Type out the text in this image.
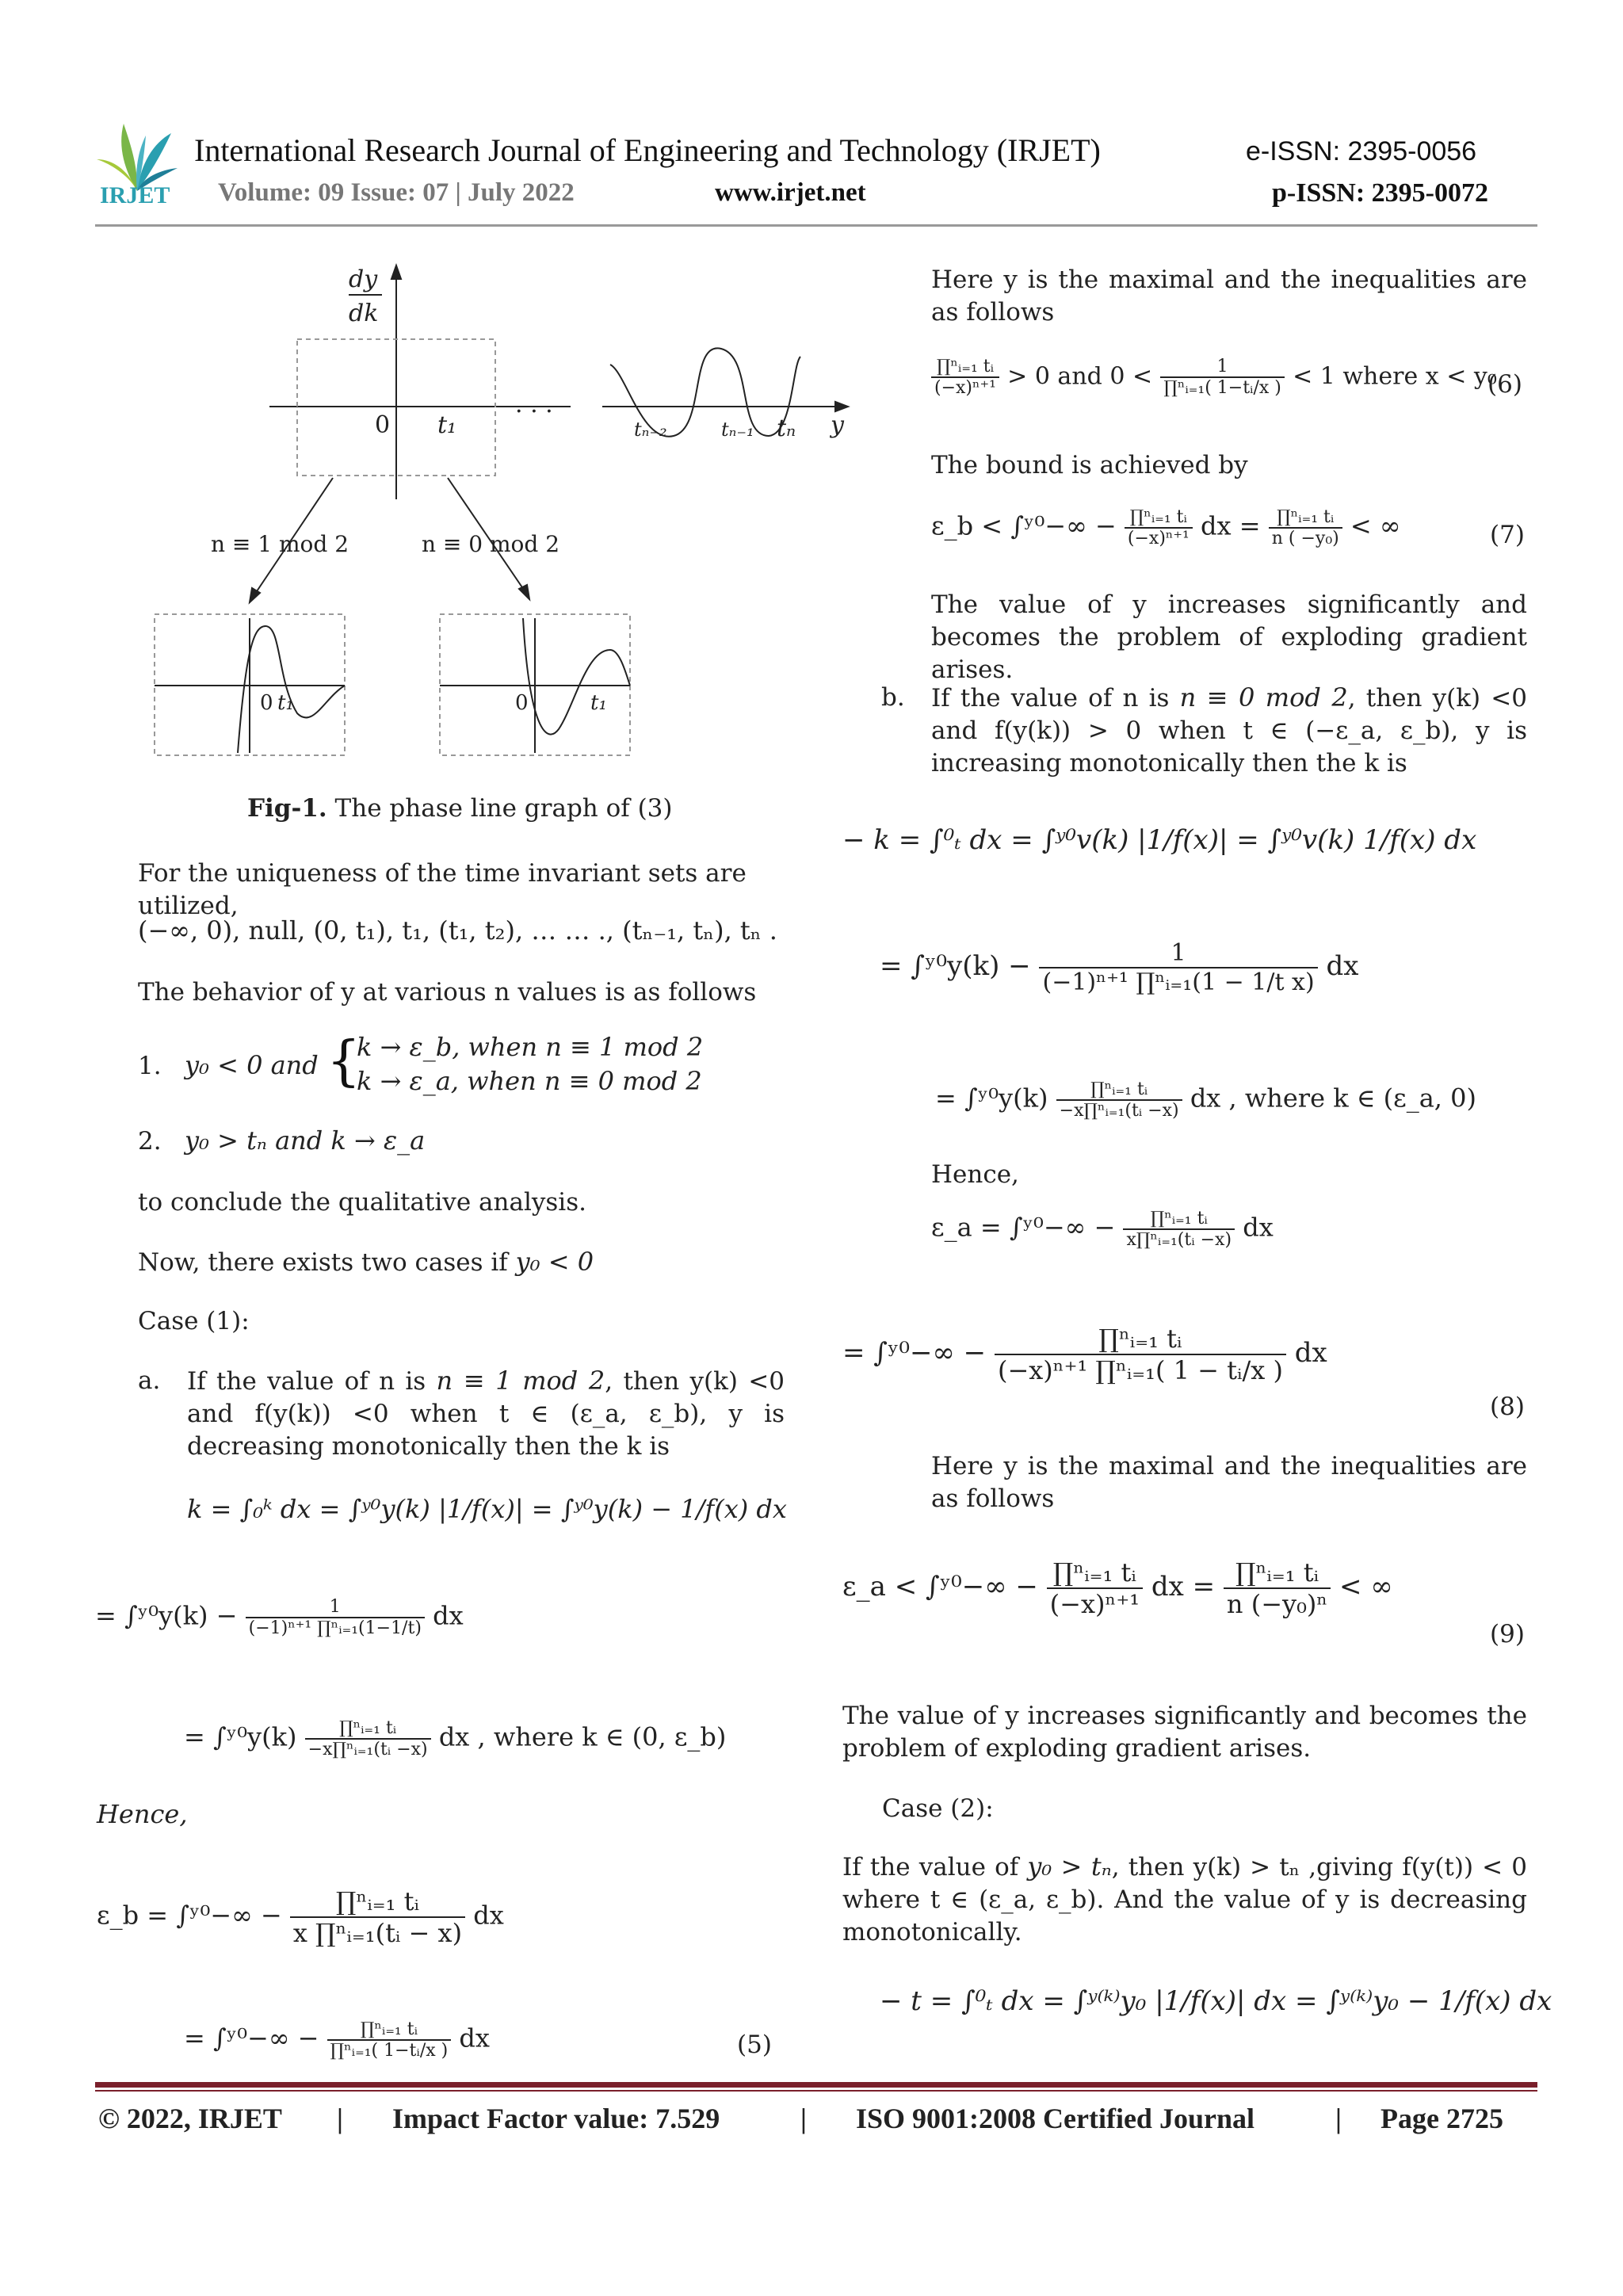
IRJET
International Research Journal of Engineering and Technology (IRJET)	e-ISSN: 2395-0056
Volume: 09 Issue: 07 | July 2022	www.irjet.net	p-ISSN: 2395-0072
dy
dk
0 t₁
. . .
tₙ₋₂	tₙ₋₁ tₙ y
n ≡ 1 mod 2	n ≡ 0 mod 2
0 t₁	0	t₁
Fig-1. The phase line graph of (3)
For the uniqueness of the time invariant sets are utilized,
(−∞, 0), null, (0, t₁), t₁, (t₁, t₂), … … ., (tₙ₋₁, tₙ), tₙ .
The behavior of y at various n values is as follows
1. y₀ < 0 and {
k → ε_b, when n ≡ 1 mod 2
k → ε_a, when n ≡ 0 mod 2
2. y₀ > tₙ and k → ε_a
to conclude the qualitative analysis.
Now, there exists two cases if y₀ < 0
Case (1):
a. If the value of n is n ≡ 1 mod 2, then y(k) <0 and f(y(k)) <0 when t ∈ (ε_a, ε_b), y is decreasing monotonically then the k is
k = ∫₀ᵏ dx = ∫ʸ⁰y(k) |1/f(x)| = ∫ʸ⁰y(k) − 1/f(x) dx
= ∫ʸ⁰y(k) − $\frac{1}{\text{(−1)ⁿ⁺¹ ∏ⁿᵢ₌₁(1−1/t)}}$ dx
= ∫ʸ⁰y(k) $\frac{\text{∏ⁿᵢ₌₁ tᵢ}}{\text{−x∏ⁿᵢ₌₁(tᵢ −x)}}$ dx , where k ∈ (0, ε_b)
Hence,
ε_b = ∫ʸ⁰−∞ − $\frac{\text{∏ⁿᵢ₌₁ tᵢ}}{\text{x ∏ⁿᵢ₌₁(tᵢ − x)}}$ dx
= ∫ʸ⁰−∞ − $\frac{\text{∏ⁿᵢ₌₁ tᵢ}}{\text{∏ⁿᵢ₌₁( 1−tᵢ/x )}}$ dx	(5)
Here y is the maximal and the inequalities are as follows
$\frac{\text{∏ⁿᵢ₌₁ tᵢ}}{\text{(−x)ⁿ⁺¹}} > 0$ and $0 < \frac{1}{\text{∏ⁿᵢ₌₁( 1−tᵢ/x )}} < 1$ where x < y₀
(6)
The bound is achieved by
ε_b < ∫ʸ⁰−∞ − $\frac{\text{∏ⁿᵢ₌₁ tᵢ}}{\text{(−x)ⁿ⁺¹}}$ dx = $\frac{\text{∏ⁿᵢ₌₁ tᵢ}}{\text{n ( −y₀)}}$ < ∞	(7)
The value of y increases significantly and becomes the problem of exploding gradient arises.
b. If the value of n is n ≡ 0 mod 2, then y(k) <0 and f(y(k)) > 0 when t ∈ (−ε_a, ε_b), y is increasing monotonically then the k is
− k = ∫⁰ₜ dx = ∫ʸ⁰v(k) |1/f(x)| = ∫ʸ⁰v(k) 1/f(x) dx
= ∫ʸ⁰y(k) − $\frac{1}{\text{(−1)ⁿ⁺¹ ∏ⁿᵢ₌₁(1 − 1/t x)}}$ dx
= ∫ʸ⁰y(k) $\frac{\text{∏ⁿᵢ₌₁ tᵢ}}{\text{−x∏ⁿᵢ₌₁(tᵢ −x)}}$ dx , where k ∈ (ε_a, 0)
Hence,
ε_a = ∫ʸ⁰−∞ − $\frac{\text{∏ⁿᵢ₌₁ tᵢ}}{\text{x∏ⁿᵢ₌₁(tᵢ −x)}}$ dx
= ∫ʸ⁰−∞ − $\frac{\text{∏ⁿᵢ₌₁ tᵢ}}{\text{(−x)ⁿ⁺¹ ∏ⁿᵢ₌₁( 1 − tᵢ/x )}}$ dx
(8)
Here y is the maximal and the inequalities are as follows
ε_a < ∫ʸ⁰−∞ − $\frac{\text{∏ⁿᵢ₌₁ tᵢ}}{\text{(−x)ⁿ⁺¹}}$ dx = $\frac{\text{∏ⁿᵢ₌₁ tᵢ}}{\text{n (−y₀)ⁿ}}$ < ∞
(9)
The value of y increases significantly and becomes the problem of exploding gradient arises.
Case (2):
If the value of y₀ > tₙ, then y(k) > tₙ ,giving f(y(t)) < 0 where t ∈ (ε_a, ε_b). And the value of y is decreasing monotonically.
− t = ∫⁰ₜ dx = ∫ʸ⁽ᵏ⁾y₀ |1/f(x)| dx = ∫ʸ⁽ᵏ⁾y₀ − 1/f(x) dx
© 2022, IRJET | Impact Factor value: 7.529	| ISO 9001:2008 Certified Journal	| Page 2725
